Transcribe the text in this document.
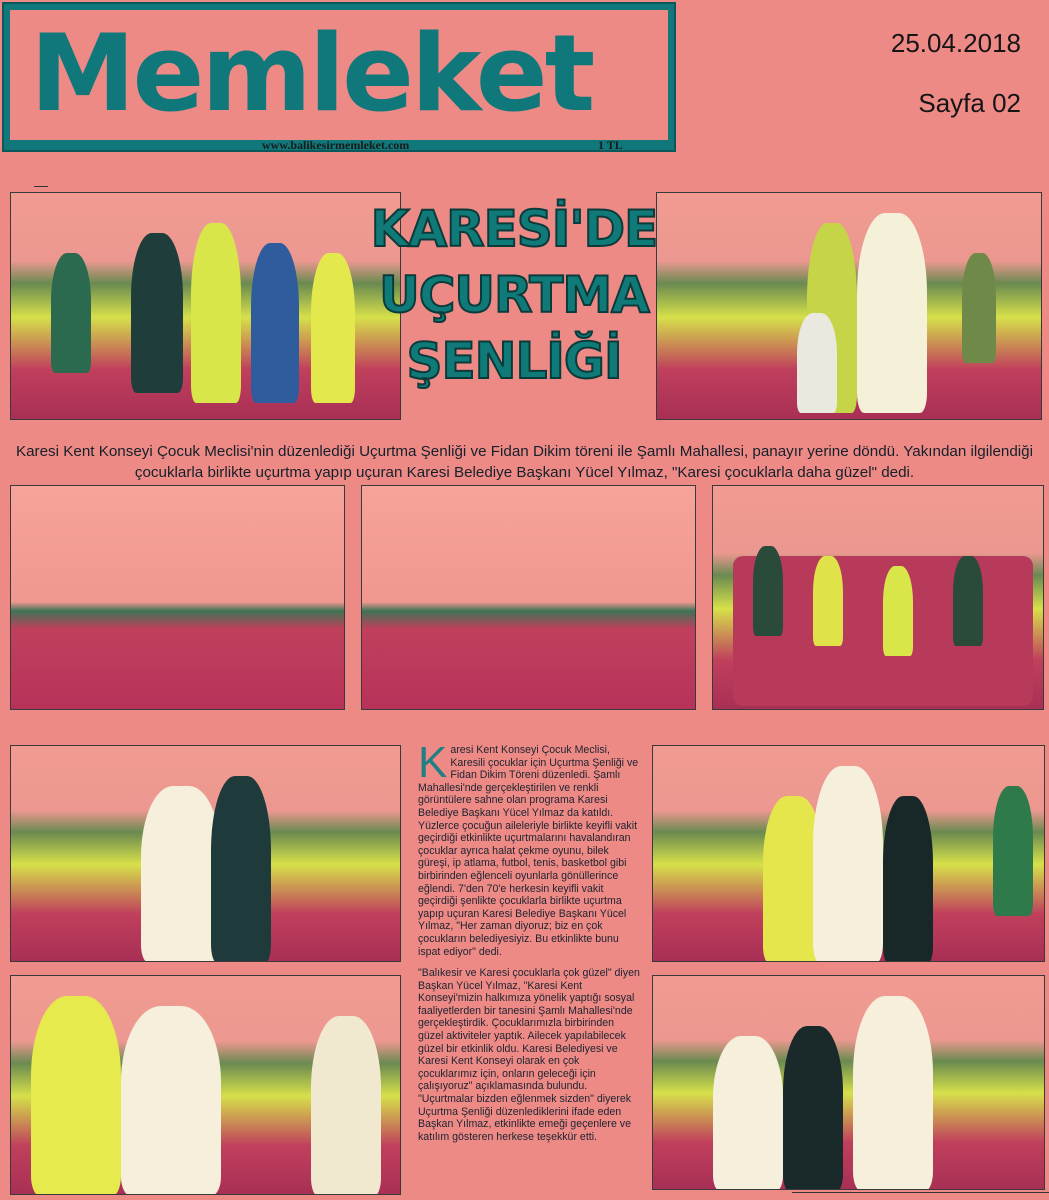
Memleket
www.balikesirmemleket.com	1 TL
25.04.2018
Sayfa 02
KARESİ'DE
UÇURTMA
ŞENLİĞİ
Karesi Kent Konseyi Çocuk Meclisi'nin düzenlediği Uçurtma Şenliği ve Fidan Dikim töreni ile Şamlı Mahallesi, panayır yerine döndü. Yakından ilgilendiği çocuklarla birlikte uçurtma yapıp uçuran Karesi Belediye Başkanı Yücel Yılmaz, "Karesi çocuklarla daha güzel" dedi.

Karesi Kent Konseyi Çocuk Meclisi, Karesili çocuklar için Uçurtma Şenliği ve Fidan Dikim Töreni düzenledi. Şamlı Mahallesi'nde gerçekleştirilen ve renkli görüntülere sahne olan programa Karesi Belediye Başkanı Yücel Yılmaz da katıldı. Yüzlerce çocuğun aileleriyle birlikte keyifli vakit geçirdiği etkinlikte uçurtmalarını havalandıran çocuklar ayrıca halat çekme oyunu, bilek güreşi, ip atlama, futbol, tenis, basketbol gibi birbirinden eğlenceli oyunlarla gönüllerince eğlendi. 7'den 70'e herkesin keyifli vakit geçirdiği şenlikte çocuklarla birlikte uçurtma yapıp uçuran Karesi Belediye Başkanı Yücel Yılmaz, "Her zaman diyoruz; biz en çok çocukların belediyesiyiz. Bu etkinlikte bunu ispat ediyor" dedi.

"Balıkesir ve Karesi çocuklarla çok güzel" diyen Başkan Yücel Yılmaz, "Karesi Kent Konseyi'mizin halkımıza yönelik yaptığı sosyal faaliyetlerden bir tanesini Şamlı Mahallesi'nde gerçekleştirdik. Çocuklarımızla birbirinden güzel aktiviteler yaptık. Ailecek yapılabilecek güzel bir etkinlik oldu. Karesi Belediyesi ve Karesi Kent Konseyi olarak en çok çocuklarımız için, onların geleceği için çalışıyoruz" açıklamasında bulundu. "Uçurtmalar bizden eğlenmek sizden" diyerek Uçurtma Şenliği düzenlediklerini ifade eden Başkan Yılmaz, etkinlikte emeği geçenlere ve katılım gösteren herkese teşekkür etti.
